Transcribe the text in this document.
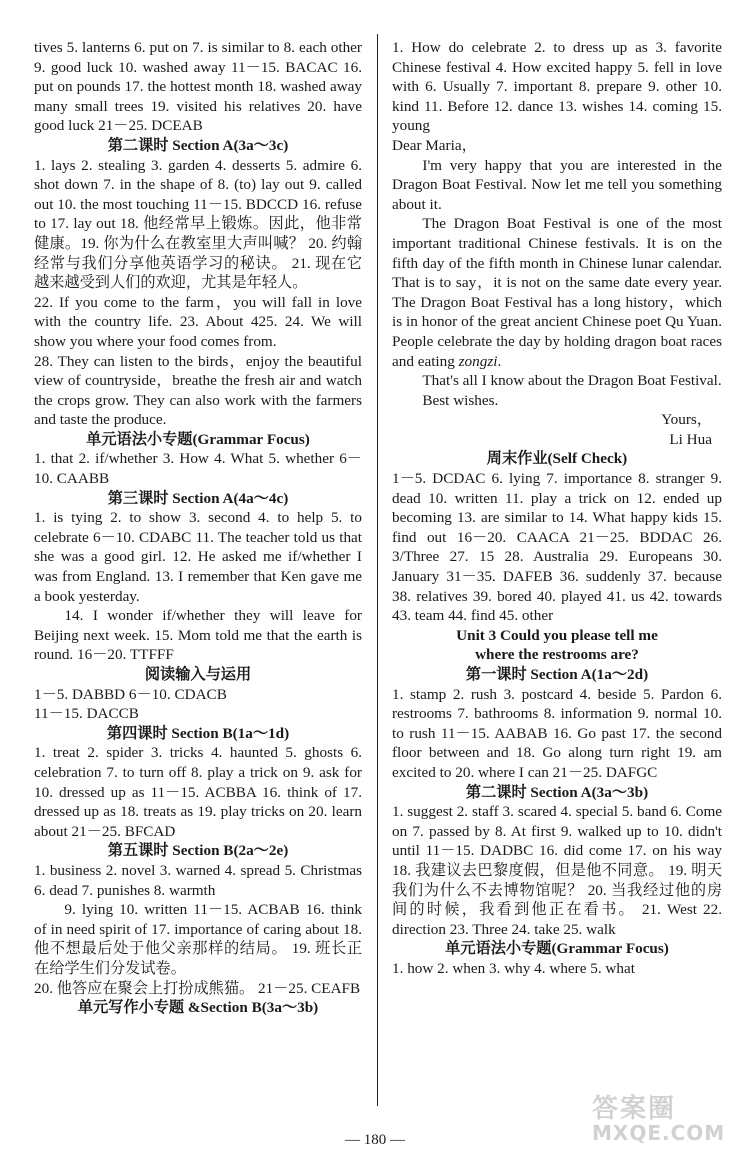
tives 5. lanterns 6. put on 7. is similar to 8. each other 9. good luck 10. washed away 11－15. BACAC 16. put on pounds 17. the hottest month 18. washed away many small trees 19. visited his relatives 20. have good luck 21－25. DCEAB

第二课时 Section A(3a～3c)

1. lays 2. stealing 3. garden 4. desserts 5. admire 6. shot down 7. in the shape of 8. (to) lay out 9. called out 10. the most touching 11－15. BDCCD 16. refuse to 17. lay out 18. 他经常早上锻炼。因此，他非常健康。19. 你为什么在教室里大声叫喊？ 20. 约翰经常与我们分享他英语学习的秘诀。 21. 现在它越来越受到人们的欢迎，尤其是年轻人。

22. If you come to the farm，you will fall in love with the country life. 23. About 425. 24. We will show you where your food comes from.

28. They can listen to the birds，enjoy the beautiful view of countryside，breathe the fresh air and watch the crops grow. They can also work with the farmers and taste the produce.

单元语法小专题(Grammar Focus)

1. that 2. if/whether 3. How 4. What 5. whether 6－10. CAABB

第三课时 Section A(4a～4c)

1. is tying 2. to show 3. second 4. to help 5. to celebrate 6－10. CDABC 11. The teacher told us that she was a good girl. 12. He asked me if/whether I was from England. 13. I remember that Ken gave me a book yesterday.

14. I wonder if/whether they will leave for Beijing next week. 15. Mom told me that the earth is round. 16－20. TTFFF

阅读输入与运用

1－5. DABBD 6－10. CDACB
11－15. DACCB

第四课时 Section B(1a～1d)

1. treat 2. spider 3. tricks 4. haunted 5. ghosts 6. celebration 7. to turn off 8. play a trick on 9. ask for 10. dressed up as 11－15. ACBBA 16. think of 17. dressed up as 18. treats as 19. play tricks on 20. learn about 21－25. BFCAD

第五课时 Section B(2a～2e)

1. business 2. novel 3. warned 4. spread 5. Christmas 6. dead 7. punishes 8. warmth

9. lying 10. written 11－15. ACBAB 16. think of in need spirit of 17. importance of caring about 18. 他不想最后处于他父亲那样的结局。 19. 班长正在给学生们分发试卷。

20. 他答应在聚会上打扮成熊猫。 21－25. CEAFB

单元写作小专题 &Section B(3a～3b)

1. How do celebrate 2. to dress up as 3. favorite Chinese festival 4. How excited happy 5. fell in love with 6. Usually 7. important 8. prepare 9. other 10. kind 11. Before 12. dance 13. wishes 14. coming 15. young

Dear Maria，

I'm very happy that you are interested in the Dragon Boat Festival. Now let me tell you something about it.

The Dragon Boat Festival is one of the most important traditional Chinese festivals. It is on the fifth day of the fifth month in Chinese lunar calendar. That is to say，it is not on the same date every year. The Dragon Boat Festival has a long history，which is in honor of the great ancient Chinese poet Qu Yuan. People celebrate the day by holding dragon boat races and eating zongzi.

That's all I know about the Dragon Boat Festival.

Best wishes.

Yours，

Li Hua

周末作业(Self Check)

1－5. DCDAC 6. lying 7. importance 8. stranger 9. dead 10. written 11. play a trick on 12. ended up becoming 13. are similar to 14. What happy kids 15. find out 16－20. CAACA 21－25. BDDAC 26. 3/Three 27. 15 28. Australia 29. Europeans 30. January 31－35. DAFEB 36. suddenly 37. because 38. relatives 39. bored 40. played 41. us 42. towards 43. team 44. find 45. other

Unit 3 Could you please tell me

where the restrooms are?

第一课时 Section A(1a～2d)

1. stamp 2. rush 3. postcard 4. beside 5. Pardon 6. restrooms 7. bathrooms 8. information 9. normal 10. to rush 11－15. AABAB 16. Go past 17. the second floor between and 18. Go along turn right 19. am excited to 20. where I can 21－25. DAFGC

第二课时 Section A(3a～3b)

1. suggest 2. staff 3. scared 4. special 5. band 6. Come on 7. passed by 8. At first 9. walked up to 10. didn't until 11－15. DADBC 16. did come 17. on his way 18. 我建议去巴黎度假，但是他不同意。 19. 明天我们为什么不去博物馆呢？ 20. 当我经过他的房间的时候，我看到他正在看书。 21. West 22. direction 23. Three 24. take 25. walk

单元语法小专题(Grammar Focus)

1. how 2. when 3. why 4. where 5. what

— 180 —
答案圈
MXQE.COM
